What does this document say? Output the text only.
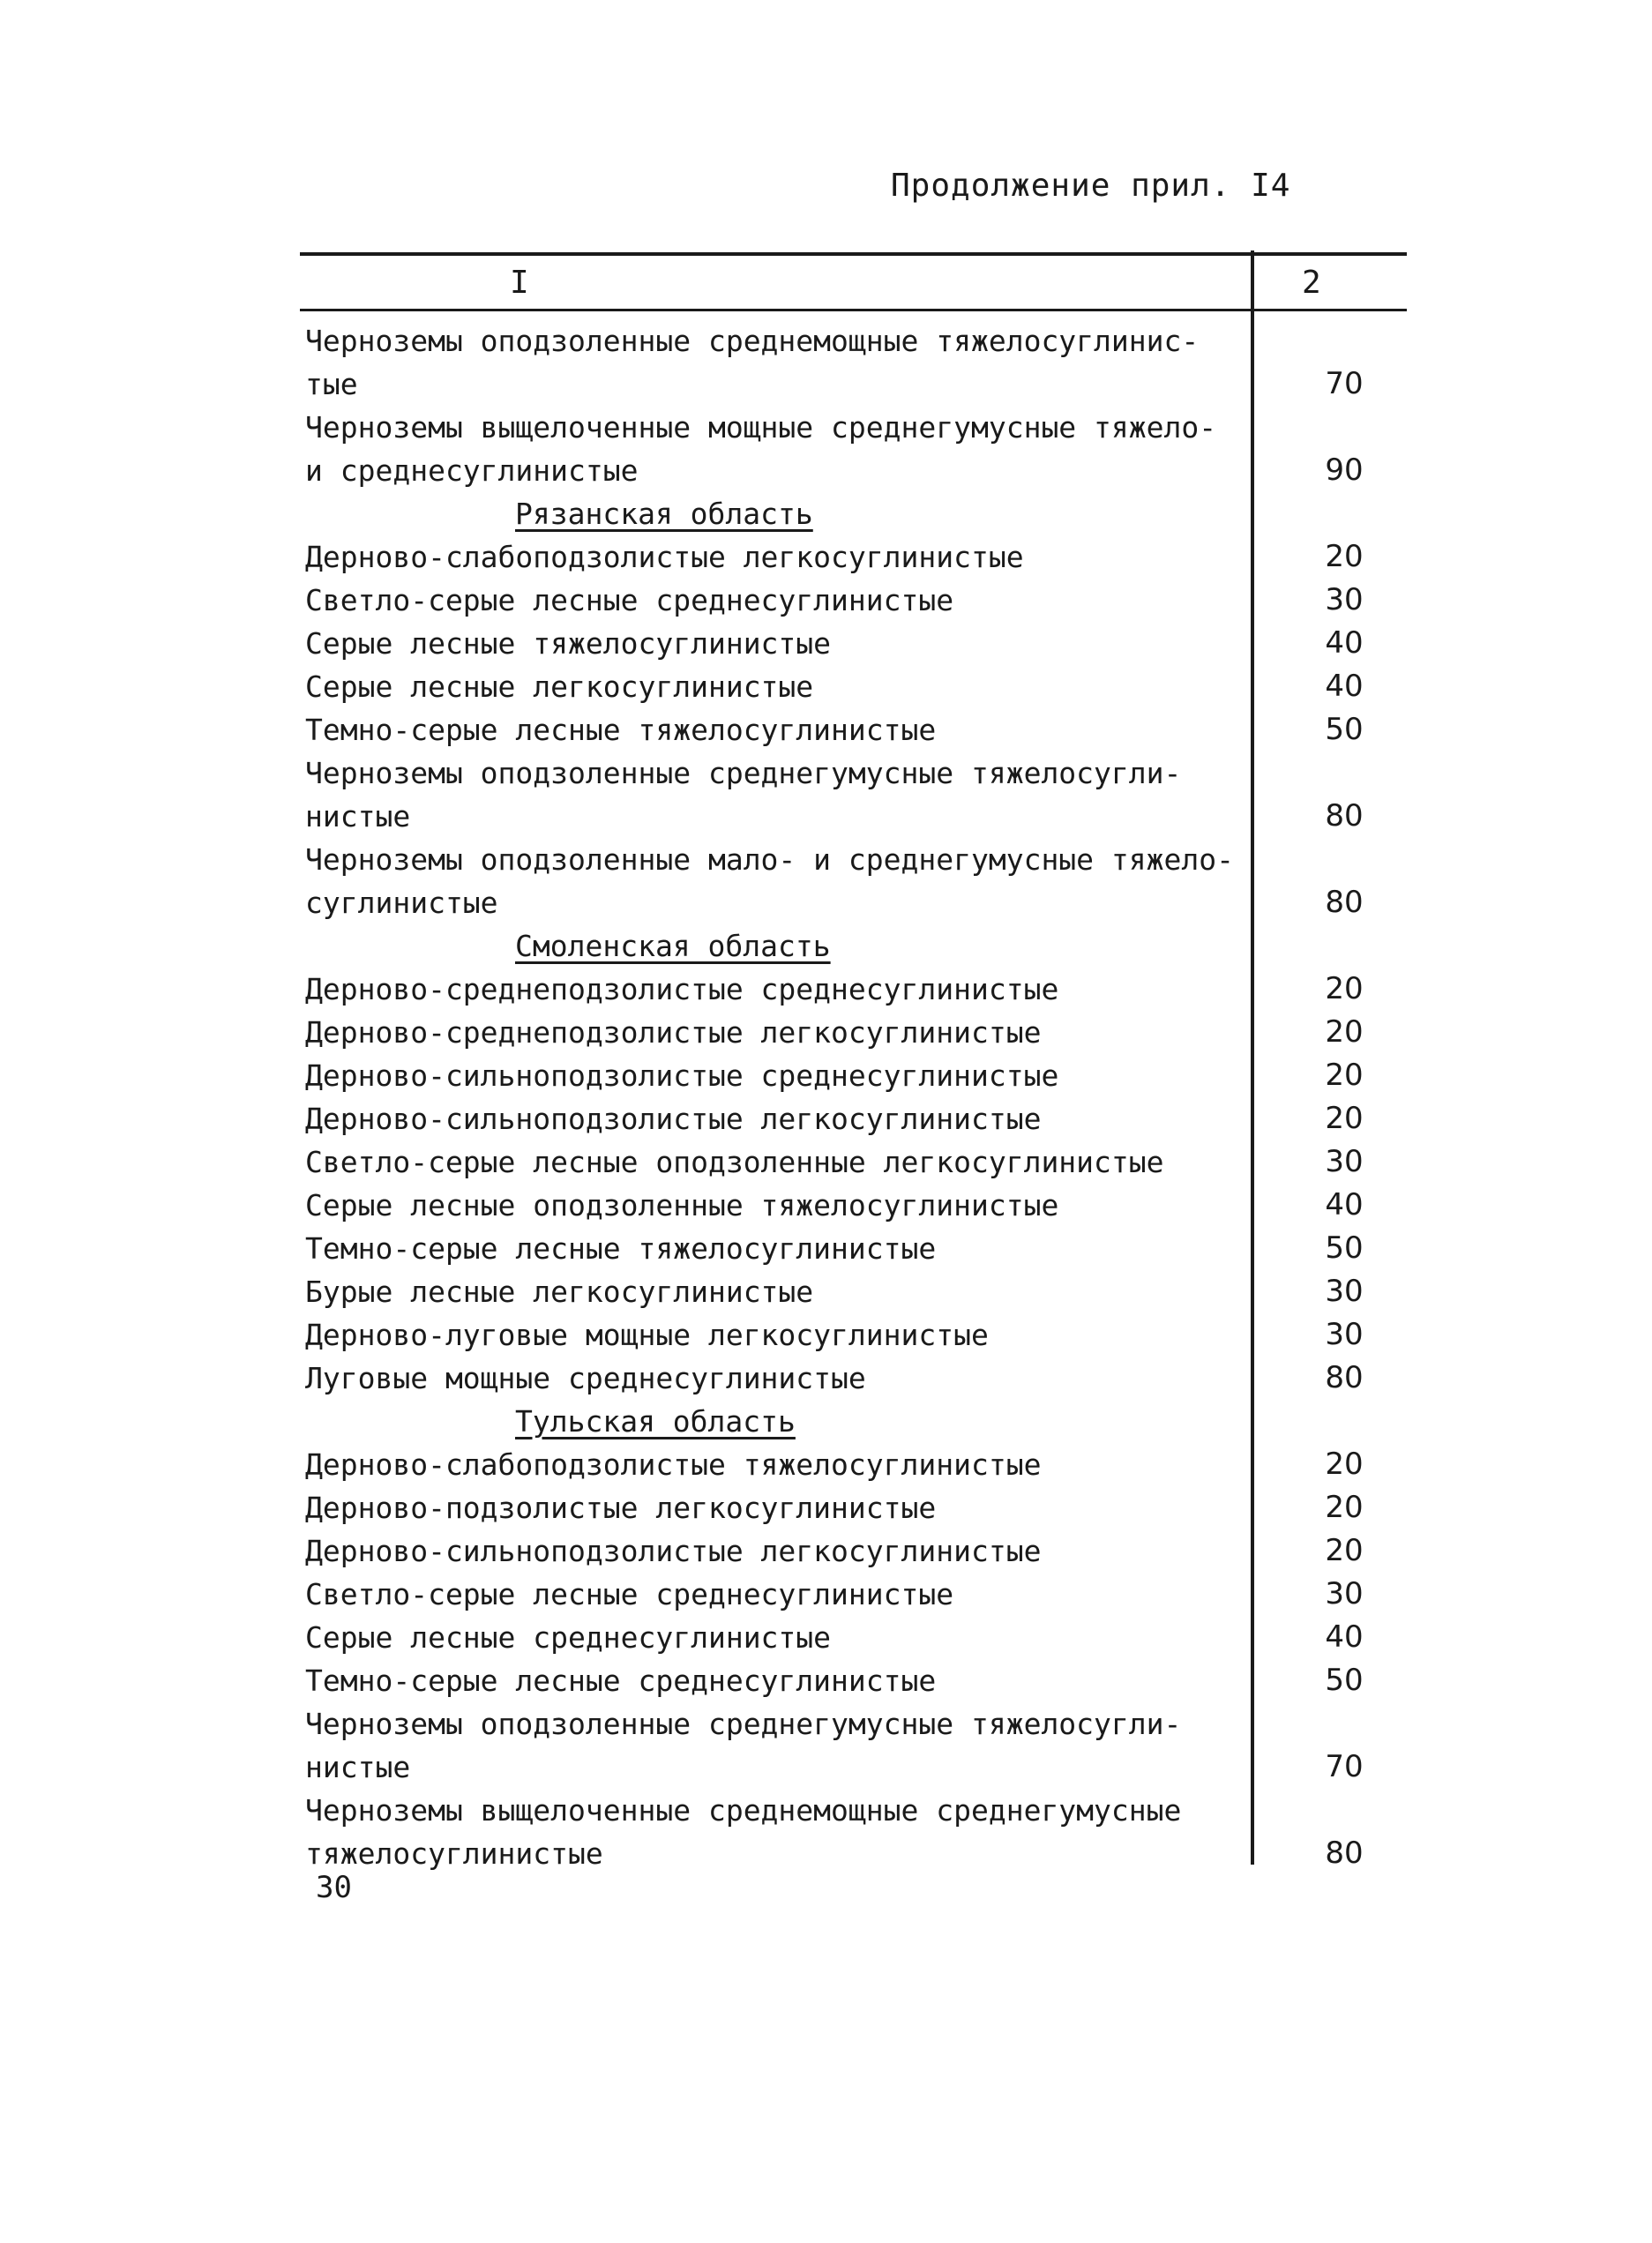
Продолжение прил. I4
I	2
Черноземы оподзоленные среднемощные тяжелосуглинис-
тые	70
Черноземы выщелоченные мощные среднегумусные тяжело-
и среднесуглинистые	90
Рязанская область
Дерново-слабоподзолистые легкосуглинистые	20
Светло-серые лесные среднесуглинистые	30
Серые лесные тяжелосуглинистые	40
Серые лесные легкосуглинистые	40
Темно-серые лесные тяжелосуглинистые	50
Черноземы оподзоленные среднегумусные тяжелосугли-
нистые	80
Черноземы оподзоленные мало- и среднегумусные тяжело-
суглинистые	80
Смоленская область
Дерново-среднеподзолистые среднесуглинистые	20
Дерново-среднеподзолистые легкосуглинистые	20
Дерново-сильноподзолистые среднесуглинистые	20
Дерново-сильноподзолистые легкосуглинистые	20
Светло-серые лесные оподзоленные легкосуглинистые	30
Серые лесные оподзоленные тяжелосуглинистые	40
Темно-серые лесные тяжелосуглинистые	50
Бурые лесные легкосуглинистые	30
Дерново-луговые мощные легкосуглинистые	30
Луговые мощные среднесуглинистые	80
Тульская область
Дерново-слабоподзолистые тяжелосуглинистые	20
Дерново-подзолистые легкосуглинистые	20
Дерново-сильноподзолистые легкосуглинистые	20
Светло-серые лесные среднесуглинистые	30
Серые лесные среднесуглинистые	40
Темно-серые лесные среднесуглинистые	50
Черноземы оподзоленные среднегумусные тяжелосугли-
нистые	70
Черноземы выщелоченные среднемощные среднегумусные
тяжелосуглинистые	80
30
